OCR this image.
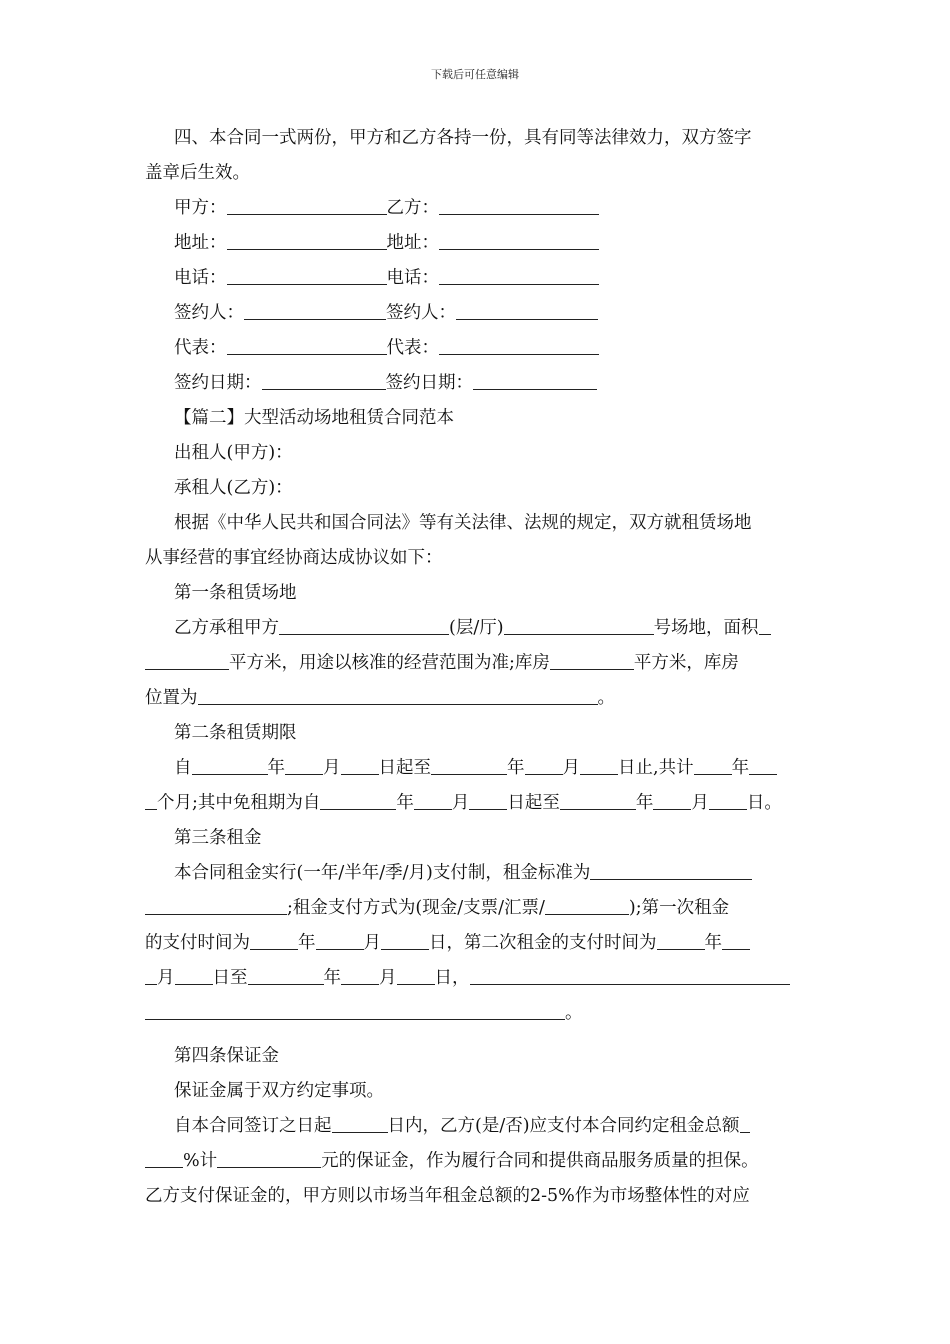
下载后可任意编辑
四、本合同一式两份，甲方和乙方各持一份，具有同等法律效力，双方签字
盖章后生效。
甲方：	乙方：
地址：	地址：
电话：	电话：
签约人：	签约人：
代表：	代表：
签约日期：	签约日期：
【篇二】大型活动场地租赁合同范本
出租人(甲方)：
承租人(乙方)：
根据《中华人民共和国合同法》等有关法律、法规的规定，双方就租赁场地
从事经营的事宜经协商达成协议如下：
第一条租赁场地
乙方承租甲方	(层/厅)	号场地，面积
平方米，用途以核准的经营范围为准;库房	平方米，库房
位置为	。
第二条租赁期限
自	年 月 日起至	年 月 日止,共计 年
个月;其中免租期为自	年 月 日起至	年 月 日。
第三条租金
本合同租金实行(一年/半年/季/月)支付制，租金标准为
;租金支付方式为(现金/支票/汇票/	);第一次租金
的支付时间为	年	月	日，第二次租金的支付时间为	年
月 日至	年 月 日，
。
第四条保证金
保证金属于双方约定事项。
自本合同签订之日起	日内，乙方(是/否)应支付本合同约定租金总额
%计	元的保证金，作为履行合同和提供商品服务质量的担保。
乙方支付保证金的，甲方则以市场当年租金总额的2-5%作为市场整体性的对应
